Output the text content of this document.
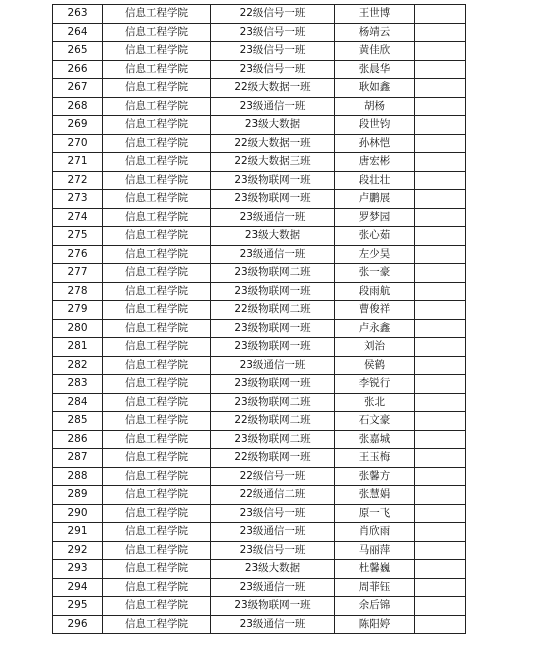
263	信息工程学院	22级信号一班	王世博	
264	信息工程学院	23级信号一班	杨靖云	
265	信息工程学院	23级信号一班	黄佳欣	
266	信息工程学院	23级信号一班	张晨华	
267	信息工程学院	22级大数据一班	耿如鑫	
268	信息工程学院	23级通信一班	胡杨	
269	信息工程学院	23级大数据	段世钧	
270	信息工程学院	22级大数据一班	孙林恺	
271	信息工程学院	22级大数据三班	唐宏彬	
272	信息工程学院	23级物联网一班	段壮壮	
273	信息工程学院	23级物联网一班	卢鹏展	
274	信息工程学院	23级通信一班	罗梦园	
275	信息工程学院	23级大数据	张心茹	
276	信息工程学院	23级通信一班	左少昊	
277	信息工程学院	23级物联网二班	张一豪	
278	信息工程学院	23级物联网一班	段雨航	
279	信息工程学院	22级物联网二班	曹俊祥	
280	信息工程学院	23级物联网一班	卢永鑫	
281	信息工程学院	23级物联网一班	刘治	
282	信息工程学院	23级通信一班	侯鹤	
283	信息工程学院	23级物联网一班	李锐行	
284	信息工程学院	23级物联网二班	张北	
285	信息工程学院	22级物联网二班	石文豪	
286	信息工程学院	23级物联网二班	张嘉城	
287	信息工程学院	22级物联网一班	王玉梅	
288	信息工程学院	22级信号一班	张馨方	
289	信息工程学院	22级通信二班	张慧娟	
290	信息工程学院	23级信号一班	原一飞	
291	信息工程学院	23级通信一班	肖欣雨	
292	信息工程学院	23级信号一班	马丽萍	
293	信息工程学院	23级大数据	杜馨巍	
294	信息工程学院	23级通信一班	周菲钰	
295	信息工程学院	23级物联网一班	余后锦	
296	信息工程学院	23级通信一班	陈阳婷	
